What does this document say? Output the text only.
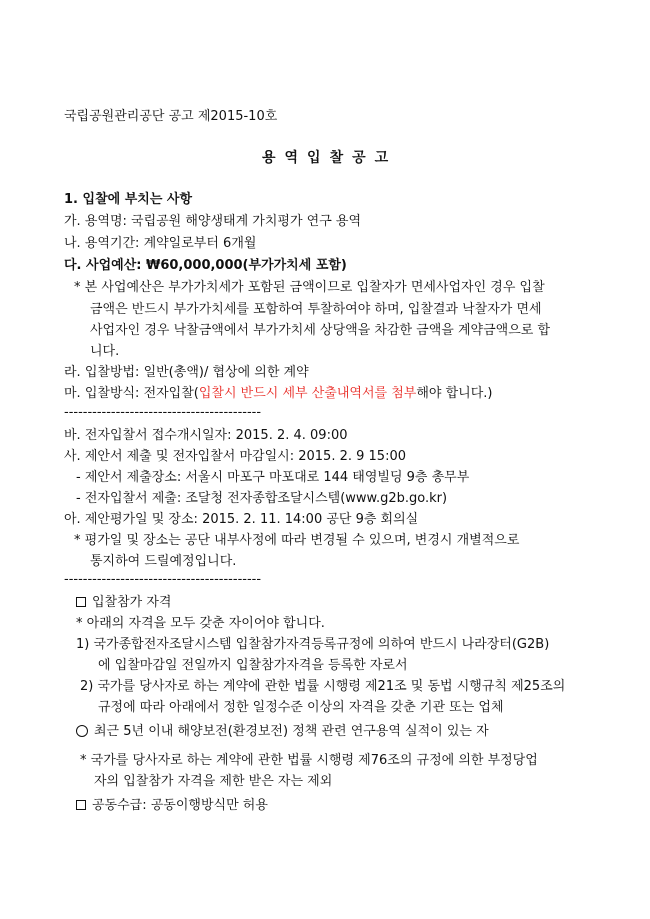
국립공원관리공단 공고 제2015-10호
용역입찰공고
1. 입찰에 부치는 사항
가. 용역명: 국립공원 해양생태계 가치평가 연구 용역
나. 용역기간: 계약일로부터 6개월
다. 사업예산: ₩60,000,000(부가가치세 포함)
* 본 사업예산은 부가가치세가 포함된 금액이므로 입찰자가 면세사업자인 경우 입찰
금액은 반드시 부가가치세를 포함하여 투찰하여야 하며, 입찰결과 낙찰자가 면세
사업자인 경우 낙찰금액에서 부가가치세 상당액을 차감한 금액을 계약금액으로 합
니다.
라. 입찰방법: 일반(총액)/ 협상에 의한 계약
마. 입찰방식: 전자입찰(입찰시 반드시 세부 산출내역서를 첨부해야 합니다.)
------------------------------------------
바. 전자입찰서 접수개시일자: 2015. 2. 4. 09:00
사. 제안서 제출 및 전자입찰서 마감일시: 2015. 2. 9 15:00
- 제안서 제출장소: 서울시 마포구 마포대로 144 태영빌딩 9층 총무부
- 전자입찰서 제출: 조달청 전자종합조달시스템(www.g2b.go.kr)
아. 제안평가일 및 장소: 2015. 2. 11. 14:00 공단 9층 회의실
* 평가일 및 장소는 공단 내부사정에 따라 변경될 수 있으며, 변경시 개별적으로
통지하여 드릴예정입니다.
------------------------------------------
입찰참가 자격
* 아래의 자격을 모두 갖춘 자이어야 합니다.
1) 국가종합전자조달시스템 입찰참가자격등록규정에 의하여 반드시 나라장터(G2B)
에 입찰마감일 전일까지 입찰참가자격을 등록한 자로서
2) 국가를 당사자로 하는 계약에 관한 법률 시행령 제21조 및 동법 시행규칙 제25조의
규정에 따라 아래에서 정한 일정수준 이상의 자격을 갖춘 기관 또는 업체
최근 5년 이내 해양보전(환경보전) 정책 관련 연구용역 실적이 있는 자
* 국가를 당사자로 하는 계약에 관한 법률 시행령 제76조의 규정에 의한 부정당업
자의 입찰참가 자격을 제한 받은 자는 제외
공동수급: 공동이행방식만 허용
